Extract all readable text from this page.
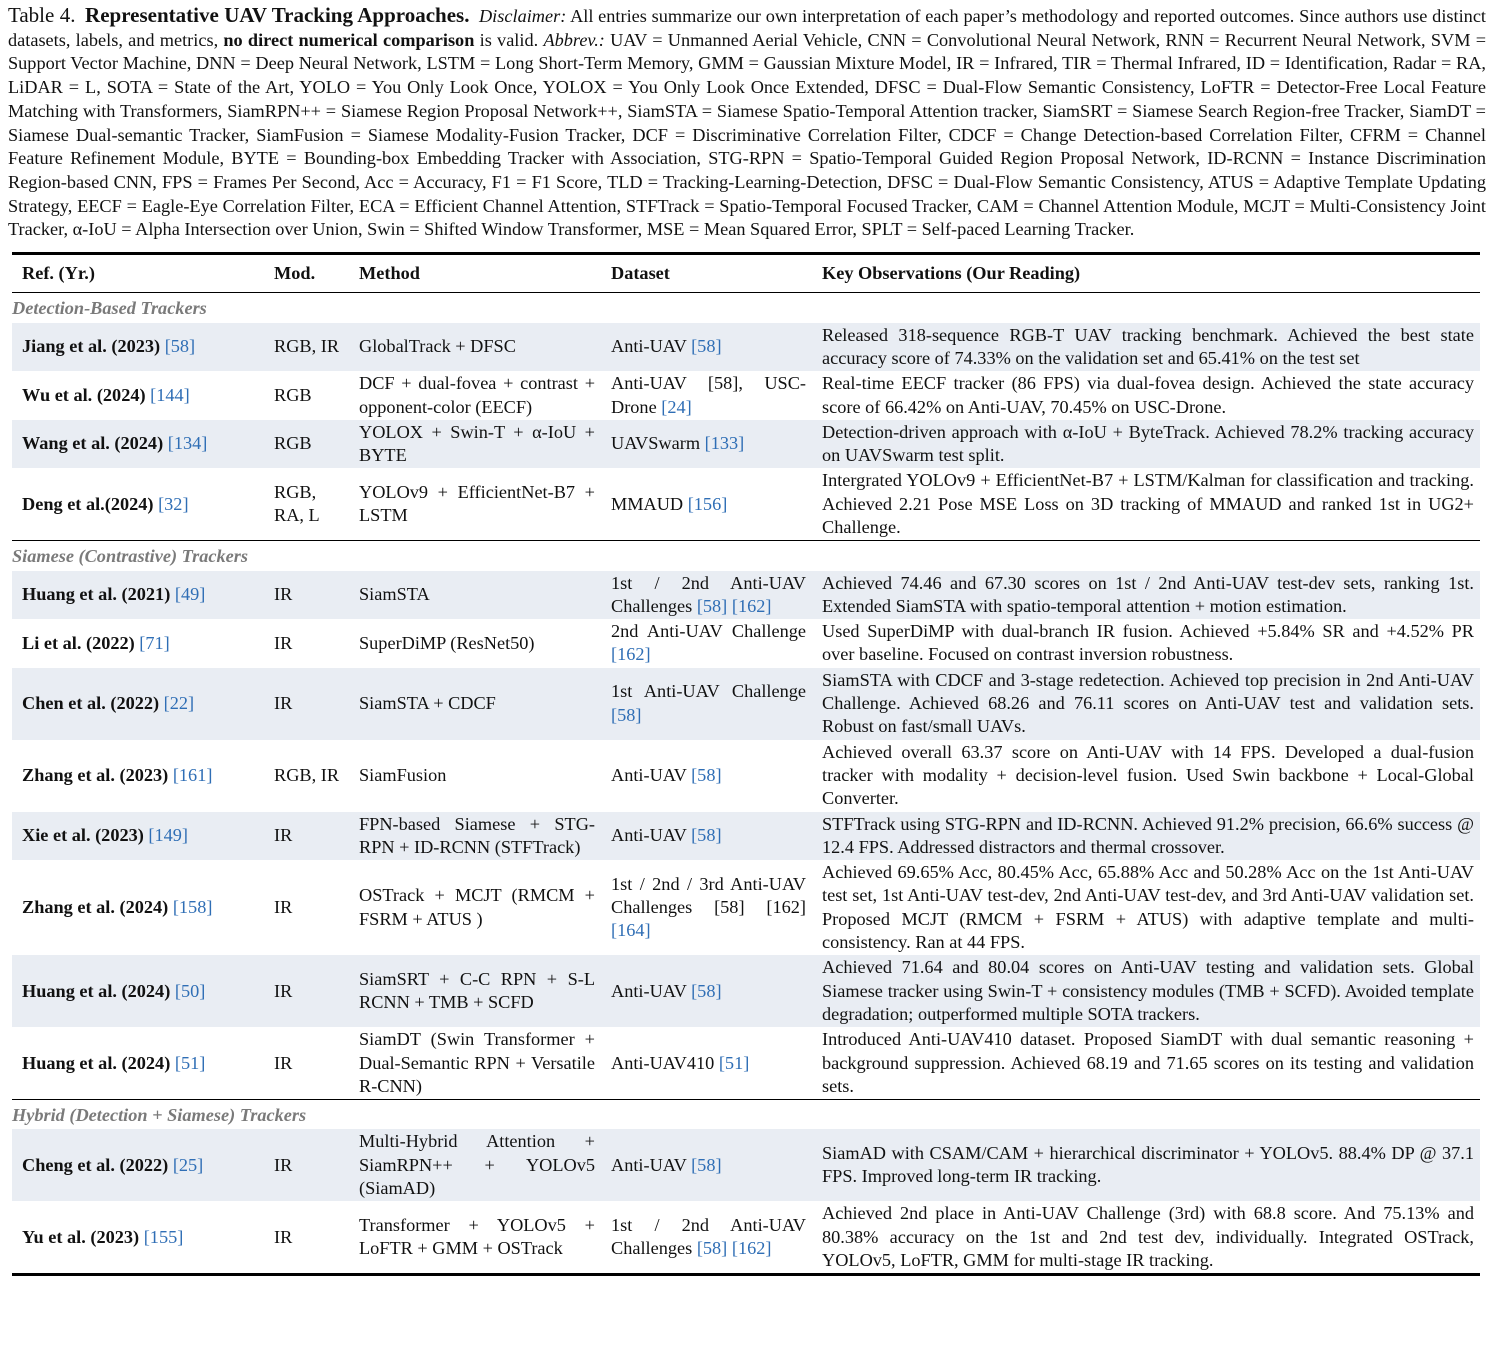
Table 4. Representative UAV Tracking Approaches. Disclaimer: All entries summarize our own interpretation of each paper’s methodology and reported outcomes. Since authors use distinct datasets, labels, and metrics, no direct numerical comparison is valid. Abbrev.: UAV = Unmanned Aerial Vehicle, CNN = Convolutional Neural Network, RNN = Recurrent Neural Network, SVM = Support Vector Machine, DNN = Deep Neural Network, LSTM = Long Short-Term Memory, GMM = Gaussian Mixture Model, IR = Infrared, TIR = Thermal Infrared, ID = Identification, Radar = RA, LiDAR = L, SOTA = State of the Art, YOLO = You Only Look Once, YOLOX = You Only Look Once Extended, DFSC = Dual-Flow Semantic Consistency, LoFTR = Detector-Free Local Feature Matching with Transformers, SiamRPN++ = Siamese Region Proposal Network++, SiamSTA = Siamese Spatio-Temporal Attention tracker, SiamSRT = Siamese Search Region-free Tracker, SiamDT = Siamese Dual-semantic Tracker, SiamFusion = Siamese Modality-Fusion Tracker, DCF = Discriminative Correlation Filter, CDCF = Change Detection-based Correlation Filter, CFRM = Channel Feature Refinement Module, BYTE = Bounding-box Embedding Tracker with Association, STG-RPN = Spatio-Temporal Guided Region Proposal Network, ID-RCNN = Instance Discrimination Region-based CNN, FPS = Frames Per Second, Acc = Accuracy, F1 = F1 Score, TLD = Tracking-Learning-Detection, DFSC = Dual-Flow Semantic Consistency, ATUS = Adaptive Template Updating Strategy, EECF = Eagle-Eye Correlation Filter, ECA = Efficient Channel Attention, STFTrack = Spatio-Temporal Focused Tracker, CAM = Channel Attention Module, MCJT = Multi-Consistency Joint Tracker, α-IoU = Alpha Intersection over Union, Swin = Shifted Window Transformer, MSE = Mean Squared Error, SPLT = Self-paced Learning Tracker.

Ref. (Yr.)	Mod.	Method	Dataset	Key Observations (Our Reading)
Detection-Based Trackers				
Jiang et al. (2023) [58]	RGB, IR	GlobalTrack + DFSC	Anti-UAV [58]	Released 318-sequence RGB-T UAV tracking benchmark. Achieved the best state accuracy score of 74.33% on the validation set and 65.41% on the test set
Wu et al. (2024) [144]	RGB	DCF + dual-fovea + contrast + opponent-color (EECF)	Anti-UAV [58], USC-Drone [24]	Real-time EECF tracker (86 FPS) via dual-fovea design. Achieved the state accuracy score of 66.42% on Anti-UAV, 70.45% on USC-Drone.
Wang et al. (2024) [134]	RGB	YOLOX + Swin-T + α-IoU + BYTE	UAVSwarm [133]	Detection-driven approach with α-IoU + ByteTrack. Achieved 78.2% tracking accuracy on UAVSwarm test split.
Deng et al.(2024) [32]	RGB, RA, L	YOLOv9 + EfficientNet-B7 + LSTM	MMAUD [156]	Intergrated YOLOv9 + EfficientNet-B7 + LSTM/Kalman for classification and tracking. Achieved 2.21 Pose MSE Loss on 3D tracking of MMAUD and ranked 1st in UG2+ Challenge.
Siamese (Contrastive) Trackers				
Huang et al. (2021) [49]	IR	SiamSTA	1st / 2nd Anti-UAV Challenges [58] [162]	Achieved 74.46 and 67.30 scores on 1st / 2nd Anti-UAV test-dev sets, ranking 1st. Extended SiamSTA with spatio-temporal attention + motion estimation.
Li et al. (2022) [71]	IR	SuperDiMP (ResNet50)	2nd Anti-UAV Challenge [162]	Used SuperDiMP with dual-branch IR fusion. Achieved +5.84% SR and +4.52% PR over baseline. Focused on contrast inversion robustness.
Chen et al. (2022) [22]	IR	SiamSTA + CDCF	1st Anti-UAV Challenge [58]	SiamSTA with CDCF and 3-stage redetection. Achieved top precision in 2nd Anti-UAV Challenge. Achieved 68.26 and 76.11 scores on Anti-UAV test and validation sets. Robust on fast/small UAVs.
Zhang et al. (2023) [161]	RGB, IR	SiamFusion	Anti-UAV [58]	Achieved overall 63.37 score on Anti-UAV with 14 FPS. Developed a dual-fusion tracker with modality + decision-level fusion. Used Swin backbone + Local-Global Converter.
Xie et al. (2023) [149]	IR	FPN-based Siamese + STG-RPN + ID-RCNN (STFTrack)	Anti-UAV [58]	STFTrack using STG-RPN and ID-RCNN. Achieved 91.2% precision, 66.6% success @ 12.4 FPS. Addressed distractors and thermal crossover.
Zhang et al. (2024) [158]	IR	OSTrack + MCJT (RMCM + FSRM + ATUS )	1st / 2nd / 3rd Anti-UAV Challenges [58] [162] [164]	Achieved 69.65% Acc, 80.45% Acc, 65.88% Acc and 50.28% Acc on the 1st Anti-UAV test set, 1st Anti-UAV test-dev, 2nd Anti-UAV test-dev, and 3rd Anti-UAV validation set. Proposed MCJT (RMCM + FSRM + ATUS) with adaptive template and multi-consistency. Ran at 44 FPS.
Huang et al. (2024) [50]	IR	SiamSRT + C-C RPN + S-L RCNN + TMB + SCFD	Anti-UAV [58]	Achieved 71.64 and 80.04 scores on Anti-UAV testing and validation sets. Global Siamese tracker using Swin-T + consistency modules (TMB + SCFD). Avoided template degradation; outperformed multiple SOTA trackers.
Huang et al. (2024) [51]	IR	SiamDT (Swin Transformer + Dual-Semantic RPN + Versatile R-CNN)	Anti-UAV410 [51]	Introduced Anti-UAV410 dataset. Proposed SiamDT with dual semantic reasoning + background suppression. Achieved 68.19 and 71.65 scores on its testing and validation sets.
Hybrid (Detection + Siamese) Trackers				
Cheng et al. (2022) [25]	IR	Multi-Hybrid Attention + SiamRPN++ + YOLOv5 (SiamAD)	Anti-UAV [58]	SiamAD with CSAM/CAM + hierarchical discriminator + YOLOv5. 88.4% DP @ 37.1 FPS. Improved long-term IR tracking.
Yu et al. (2023) [155]	IR	Transformer + YOLOv5 + LoFTR + GMM + OSTrack	1st / 2nd Anti-UAV Challenges [58] [162]	Achieved 2nd place in Anti-UAV Challenge (3rd) with 68.8 score. And 75.13% and 80.38% accuracy on the 1st and 2nd test dev, individually. Integrated OSTrack, YOLOv5, LoFTR, GMM for multi-stage IR tracking.
